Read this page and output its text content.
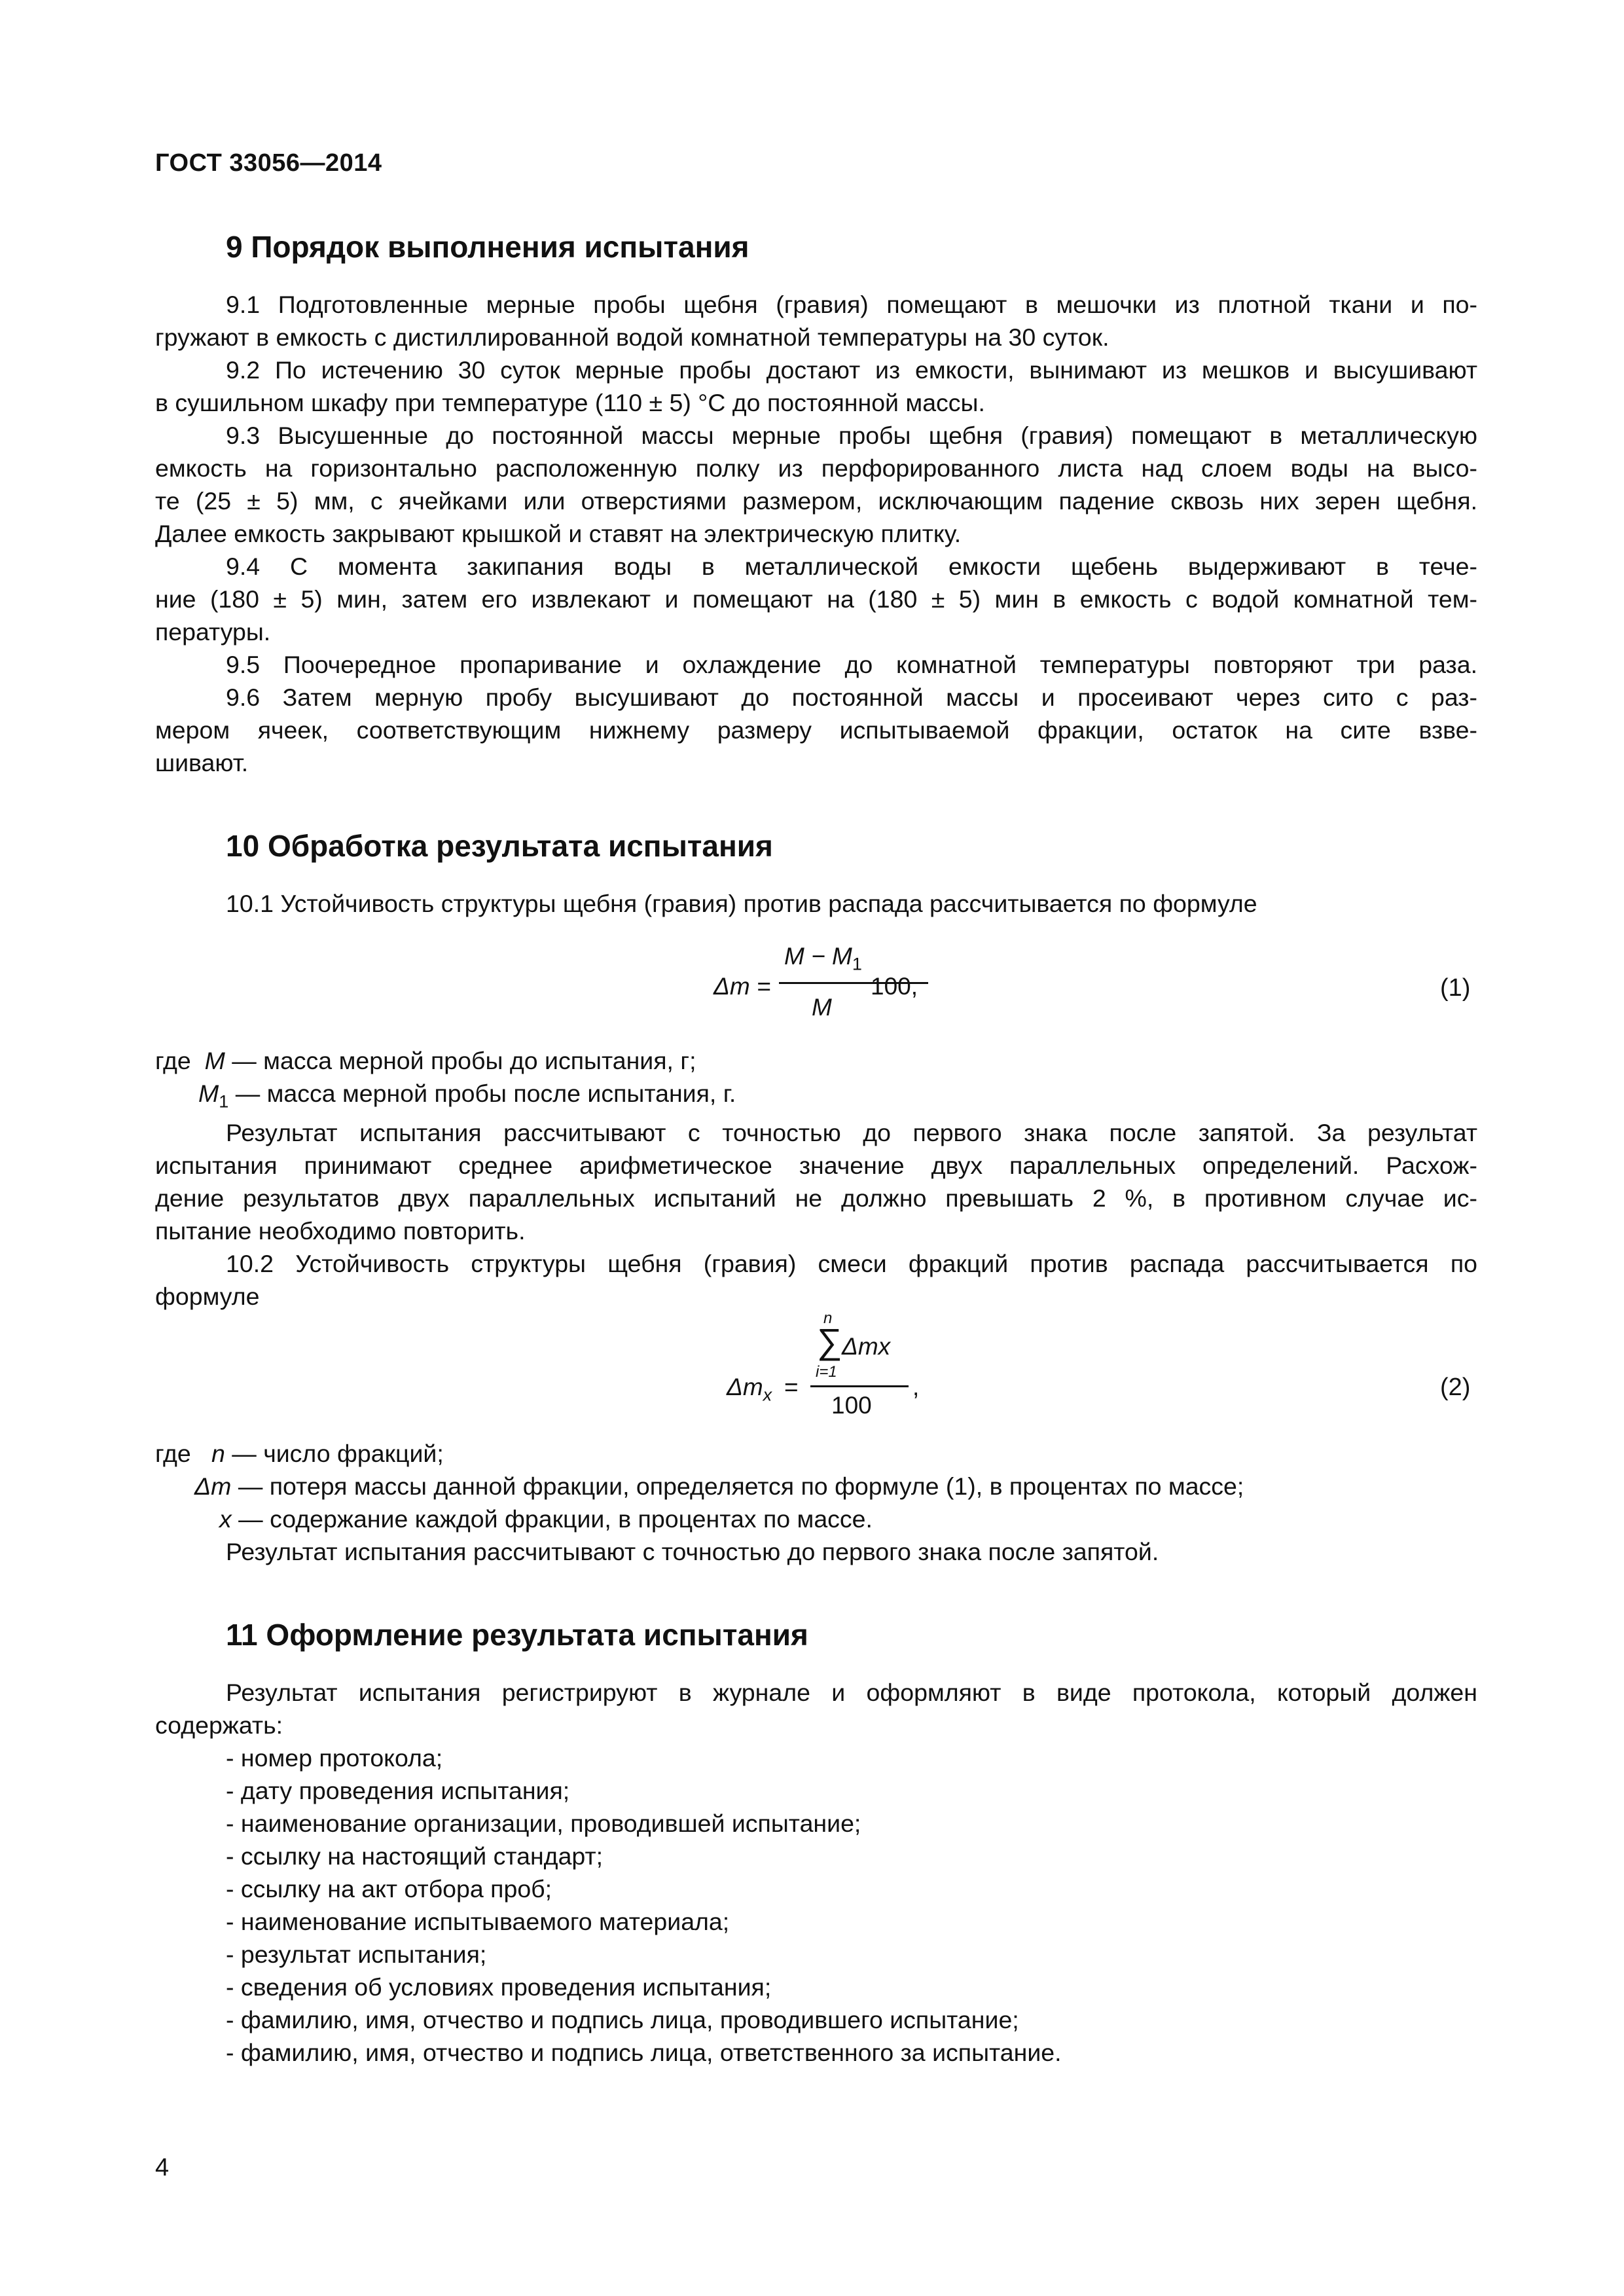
ГОСТ 33056—2014
9 Порядок выполнения испытания
9.1 Подготовленные мерные пробы щебня (гравия) помещают в мешочки из плотной ткани и по-
гружают в емкость с дистиллированной водой комнатной температуры на 30 суток.
9.2 По истечению 30 суток мерные пробы достают из емкости, вынимают из мешков и высушивают
в сушильном шкафу при температуре (110 ± 5) °С до постоянной массы.
9.3 Высушенные до постоянной массы мерные пробы щебня (гравия) помещают в металлическую
емкость на горизонтально расположенную полку из перфорированного листа над слоем воды на высо-
те (25 ± 5) мм, с ячейками или отверстиями размером, исключающим падение сквозь них зерен щебня.
Далее емкость закрывают крышкой и ставят на электрическую плитку.
9.4 С момента закипания воды в металлической емкости щебень выдерживают в тече-
ние (180 ± 5) мин, затем его извлекают и помещают на (180 ± 5) мин в емкость с водой комнатной тем-
пературы.
9.5 Поочередное пропаривание и охлаждение до комнатной температуры повторяют три раза.
9.6 Затем мерную пробу высушивают до постоянной массы и просеивают через сито с раз-
мером ячеек, соответствующим нижнему размеру испытываемой фракции, остаток на сите взве-
шивают.
10 Обработка результата испытания
10.1 Устойчивость структуры щебня (гравия) против распада рассчитывается по формуле
Δm =
$M - M_1$
M
100,	(1)
где M — масса мерной пробы до испытания, г;
$M_1$ — масса мерной пробы после испытания, г.
Результат испытания рассчитывают с точностью до первого знака после запятой. За результат
испытания принимают среднее арифметическое значение двух параллельных определений. Расхож-
дение результатов двух параллельных испытаний не должно превышать 2 %, в противном случае ис-
пытание необходимо повторить.
10.2 Устойчивость структуры щебня (гравия) смеси фракций против распада рассчитывается по
формуле
$\Delta m_x$ =
n
∑ Δmx
i=1
100
,	(2)
где n — число фракций;
Δm — потеря массы данной фракции, определяется по формуле (1), в процентах по массе;
x — содержание каждой фракции, в процентах по массе.
Результат испытания рассчитывают с точностью до первого знака после запятой.
11 Оформление результата испытания
Результат испытания регистрируют в журнале и оформляют в виде протокола, который должен
содержать:
- номер протокола;
- дату проведения испытания;
- наименование организации, проводившей испытание;
- ссылку на настоящий стандарт;
- ссылку на акт отбора проб;
- наименование испытываемого материала;
- результат испытания;
- сведения об условиях проведения испытания;
- фамилию, имя, отчество и подпись лица, проводившего испытание;
- фамилию, имя, отчество и подпись лица, ответственного за испытание.
4
